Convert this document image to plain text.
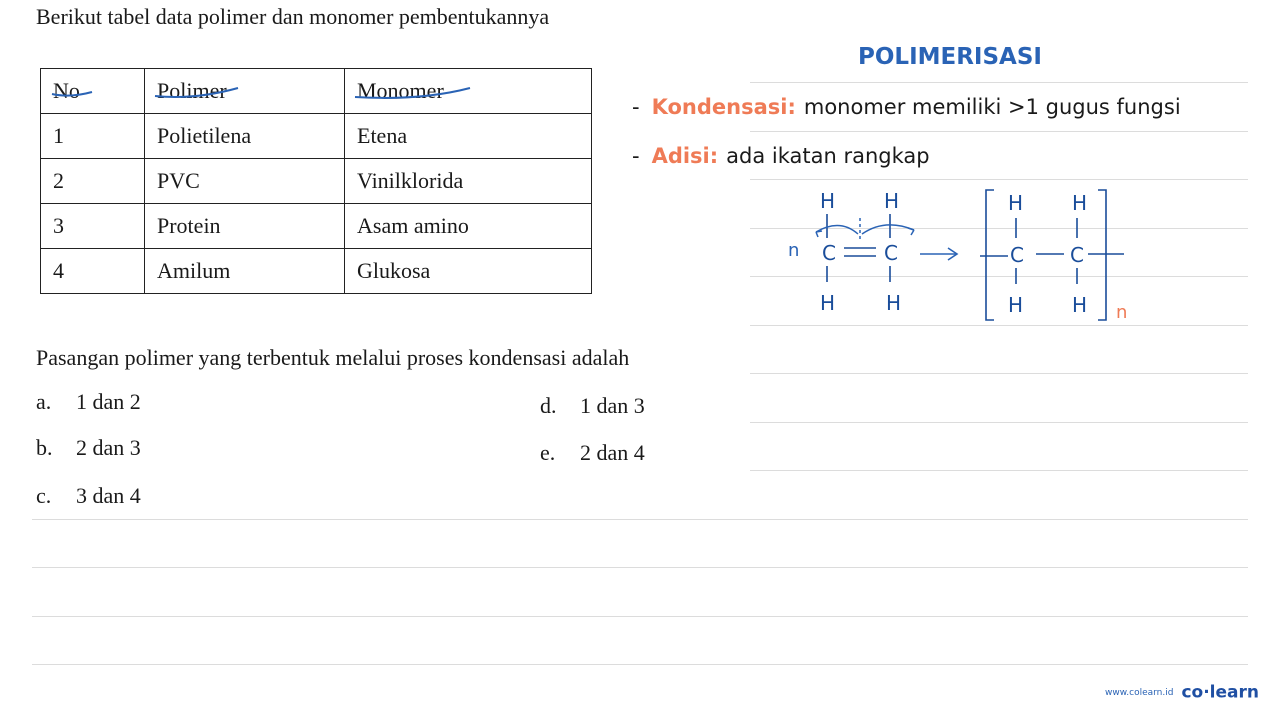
Berikut tabel data polimer dan monomer pembentukannya
No	Polimer	Monomer
1	Polietilena	Etena
2	PVC	Vinilklorida
3	Protein	Asam amino
4	Amilum	Glukosa
Pasangan polimer yang terbentuk melalui proses kondensasi adalah
a. 1 dan 2
b. 2 dan 3
c. 3 dan 4
d. 1 dan 3
e. 2 dan 4
POLIMERISASI
- Kondensasi: monomer memiliki >1 gugus fungsi
- Adisi: ada ikatan rangkap
n
H H
C C
H	H
H H
C C
H H n
www.colearn.id co·learn
